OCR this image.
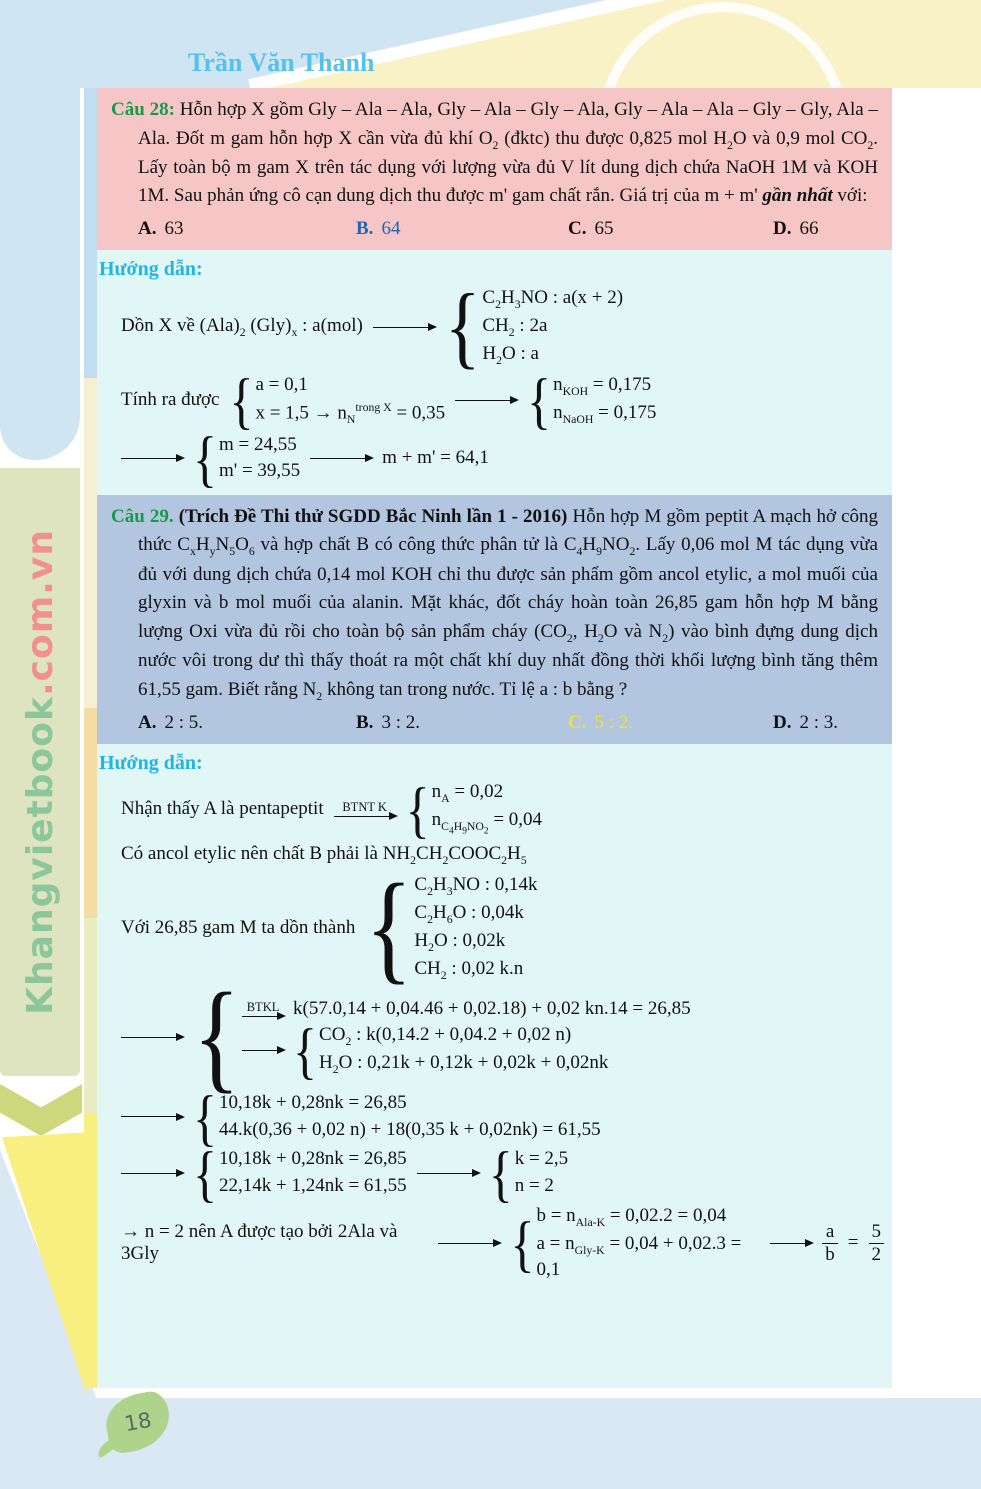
Trần Văn Thanh
Khangvietbook.com.vn
18

Câu 28: Hỗn hợp X gồm Gly – Ala – Ala, Gly – Ala – Gly – Ala, Gly – Ala – Ala – Gly – Gly, Ala – Ala. Đốt m gam hỗn hợp X cần vừa đủ khí $O_2$ (đktc) thu được 0,825 mol $H_2O$ và 0,9 mol $CO_2$. Lấy toàn bộ m gam X trên tác dụng với lượng vừa đủ V lít dung dịch chứa NaOH 1M và KOH 1M. Sau phản ứng cô cạn dung dịch thu được m' gam chất rắn. Giá trị của m + m' gần nhất với:

A. 63	B. 64	C. 65	D. 66
Hướng dẫn:
Dồn X về $(Ala)_2$ $(Gly)_x$ : a(mol)
{ $C_2H_3NO$ : a(x + 2)
$CH_2$ : 2a
$H_2O$ : a
Tính ra được
{ a = 0,1
$x = 1,5 \to n_N^{trong X} = 0,35$
{ $n_{KOH} = 0,175$
$n_{NaOH} = 0,175$
{ m = 24,55
m' = 39,55
m + m' = 64,1

Câu 29. (Trích Đề Thi thử SGDD Bắc Ninh lần 1 - 2016) Hỗn hợp M gồm peptit A mạch hở công thức $C_xH_yN_5O_6$ và hợp chất B có công thức phân tử là $C_4H_9NO_2$. Lấy 0,06 mol M tác dụng vừa đủ với dung dịch chứa 0,14 mol KOH chỉ thu được sản phẩm gồm ancol etylic, a mol muối của glyxin và b mol muối của alanin. Mặt khác, đốt cháy hoàn toàn 26,85 gam hỗn hợp M bằng lượng Oxi vừa đủ rồi cho toàn bộ sản phẩm cháy ($CO_2$, $H_2O$ và $N_2$) vào bình đựng dung dịch nước vôi trong dư thì thấy thoát ra một chất khí duy nhất đồng thời khối lượng bình tăng thêm 61,55 gam. Biết rằng $N_2$ không tan trong nước. Tỉ lệ a : b bằng ?

A. 2 : 5.	B. 3 : 2.	C. 5 : 2.	D. 2 : 3.
Hướng dẫn:
Nhận thấy A là pentapeptit BTNT K
{ $n_A = 0,02$
$n_{C_4H_9NO_2} = 0,04$
Có ancol etylic nên chất B phải là $NH_2CH_2COOC_2H_5$
Với 26,85 gam M ta dồn thành
{ $C_2H_3NO$ : 0,14k
$C_2H_6O$ : 0,04k
$H_2O$ : 0,02k
$CH_2$ : 0,02 k.n
{ BTKL k(57.0,14 + 0,04.46 + 0,02.18) + 0,02 kn.14 = 26,85
{ $CO_2$ : k(0,14.2 + 0,04.2 + 0,02 n)
$H_2O$ : 0,21k + 0,12k + 0,02k + 0,02nk
{ 10,18k + 0,28nk = 26,85
44.k(0,36 + 0,02 n) + 18(0,35 k + 0,02nk) = 61,55
{ 10,18k + 0,28nk = 26,85
22,14k + 1,24nk = 61,55
{ k = 2,5
n = 2
→ n = 2 nên A được tạo bởi 2Ala và 3Gly
{ $b = n_{Ala-K} = 0,02.2 = 0,04$
$a = n_{Gly-K} = 0,04 + 0,02.3 = 0,1$
$\frac{a}{b} = \frac{5}{2}$
